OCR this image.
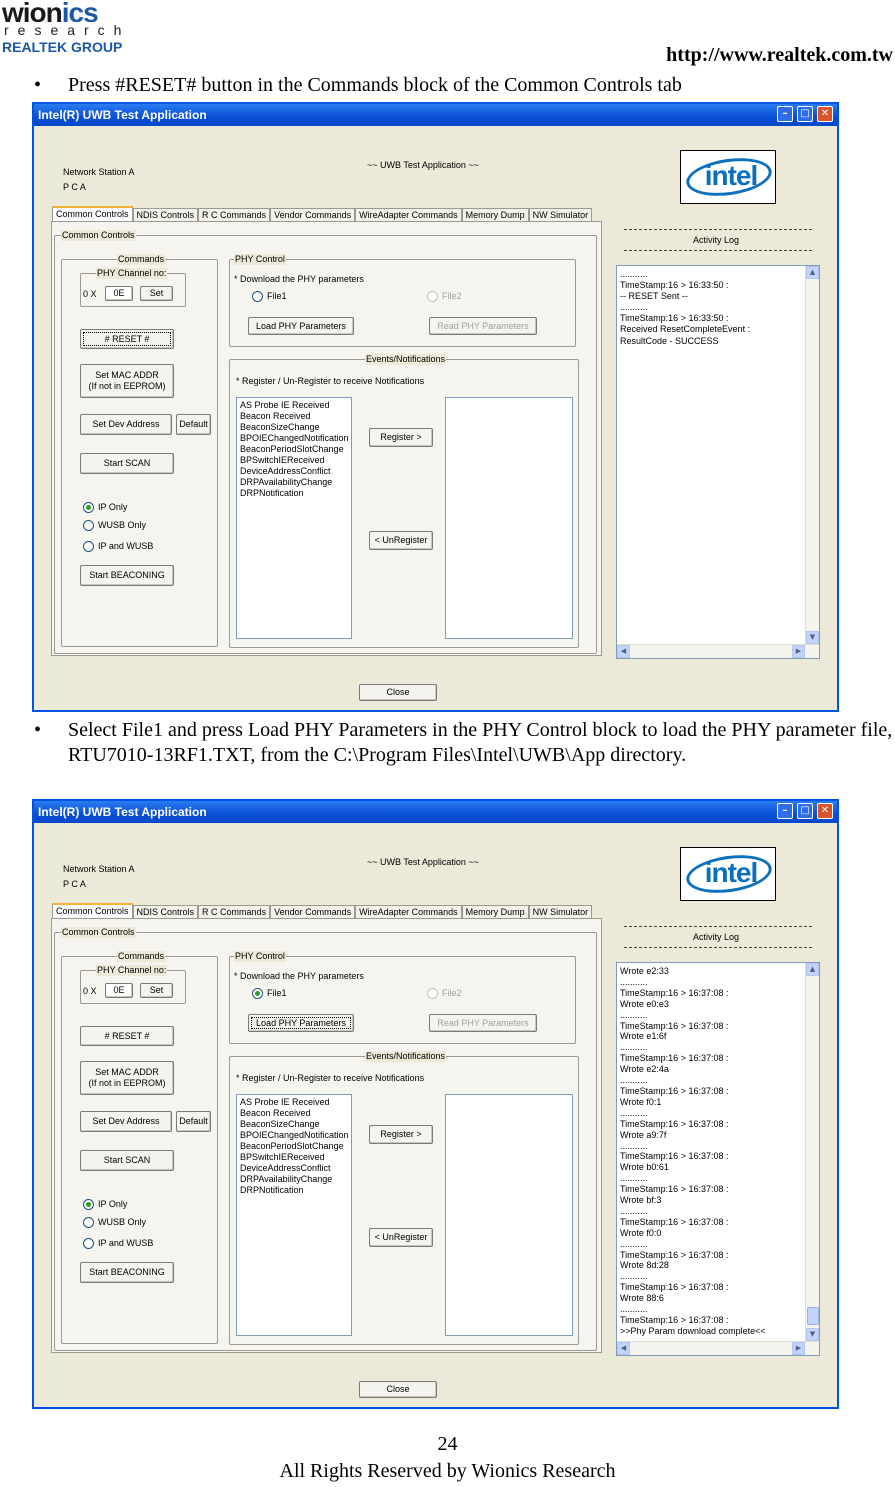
wionics
research
REALTEK GROUP	http://www.realtek.com.tw
• Press #RESET# button in the Commands block of the Common Controls tab
Intel(R) UWB Test Application	–	□	✕
Network Station A
P C A
~~ UWB Test Application ~~	intel
Activity Log
Common Controls NDIS Controls R C Commands Vendor Commands WireAdapter Commands Memory Dump NW Simulator
Common Controls
Commands
PHY Channel no:
0 X	0E	Set
# RESET #
Set MAC ADDR
(If not in EEPROM)
Set Dev Address	Default
Start SCAN
IP Only
WUSB Only
IP and WUSB
Start BEACONING
PHY Control
* Download the PHY parameters
File1	File2
Load PHY Parameters	Read PHY Parameters
Events/Notifications
* Register / Un-Register to receive Notifications
AS Probe IE Received
Beacon Received
BeaconSizeChange
BPOIEChangedNotification
BeaconPeriodSlotChange
BPSwitchIEReceived
DeviceAddressConflict
DRPAvailabilityChange
DRPNotification
Register >
< UnRegister
...........
TimeStamp:16 > 16:33:50 :
-- RESET Sent --
...........
TimeStamp:16 > 16:33:50 :
Received ResetCompleteEvent :
ResultCode - SUCCESS
▲
▼
◀	▶
Close
• Select File1 and press Load PHY Parameters in the PHY Control block to load the PHY parameter file, RTU7010-13RF1.TXT, from the C:\Program Files\Intel\UWB\App directory.
Intel(R) UWB Test Application	–	□	✕
Network Station A
P C A
~~ UWB Test Application ~~	intel
Activity Log
Common Controls NDIS Controls R C Commands Vendor Commands WireAdapter Commands Memory Dump NW Simulator
Common Controls
Commands
PHY Channel no:
0 X	0E	Set
# RESET #
Set MAC ADDR
(If not in EEPROM)
Set Dev Address	Default
Start SCAN
IP Only
WUSB Only
IP and WUSB
Start BEACONING
PHY Control
* Download the PHY parameters
File1	File2
Load PHY Parameters	Read PHY Parameters
Events/Notifications
* Register / Un-Register to receive Notifications
AS Probe IE Received
Beacon Received
BeaconSizeChange
BPOIEChangedNotification
BeaconPeriodSlotChange
BPSwitchIEReceived
DeviceAddressConflict
DRPAvailabilityChange
DRPNotification
Register >
< UnRegister
Wrote e2:33
...........
TimeStamp:16 > 16:37:08 :
Wrote e0:e3
...........
TimeStamp:16 > 16:37:08 :
Wrote e1:6f
...........
TimeStamp:16 > 16:37:08 :
Wrote e2:4a
...........
TimeStamp:16 > 16:37:08 :
Wrote f0:1
...........
TimeStamp:16 > 16:37:08 :
Wrote a9:7f
...........
TimeStamp:16 > 16:37:08 :
Wrote b0:61
...........
TimeStamp:16 > 16:37:08 :
Wrote bf:3
...........
TimeStamp:16 > 16:37:08 :
Wrote f0:0
...........
TimeStamp:16 > 16:37:08 :
Wrote 8d:28
...........
TimeStamp:16 > 16:37:08 :
Wrote 88:6
...........
TimeStamp:16 > 16:37:08 :
>>Phy Param download complete<<
▲
▼
◀	▶
Close
24
All Rights Reserved by Wionics Research
